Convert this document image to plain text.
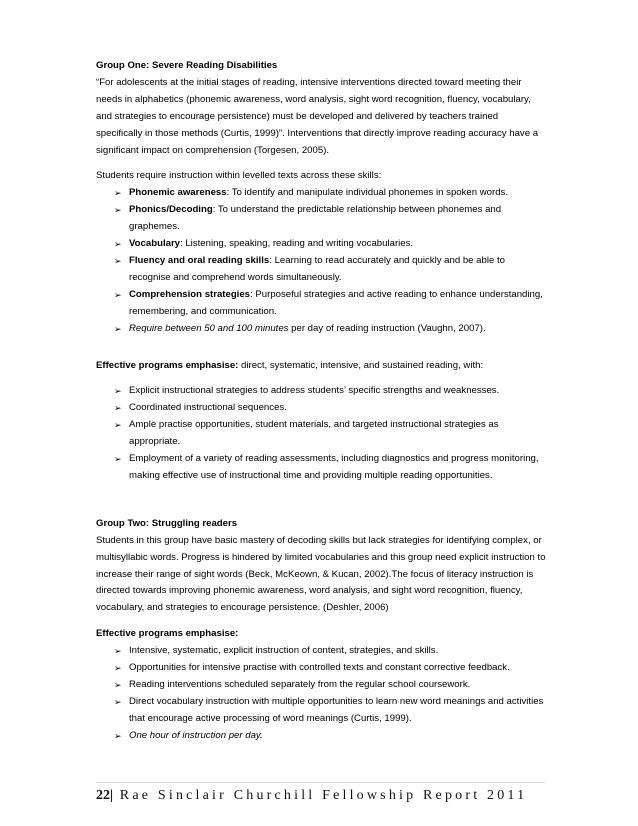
Group One: Severe Reading Disabilities

“For adolescents at the initial stages of reading, intensive interventions directed toward meeting their needs in alphabetics (phonemic awareness, word analysis, sight word recognition, fluency, vocabulary, and strategies to encourage persistence) must be developed and delivered by teachers trained specifically in those methods (Curtis, 1999)”. Interventions that directly improve reading accuracy have a significant impact on comprehension (Torgesen, 2005).

Students require instruction within levelled texts across these skills:

➢ Phonemic awareness: To identify and manipulate individual phonemes in spoken words.
➢ Phonics/Decoding: To understand the predictable relationship between phonemes and graphemes.
➢ Vocabulary: Listening, speaking, reading and writing vocabularies.
➢ Fluency and oral reading skills: Learning to read accurately and quickly and be able to recognise and comprehend words simultaneously.
➢ Comprehension strategies: Purposeful strategies and active reading to enhance understanding, remembering, and communication.
➢ Require between 50 and 100 minutes per day of reading instruction (Vaughn, 2007).

Effective programs emphasise: direct, systematic, intensive, and sustained reading, with:

➢ Explicit instructional strategies to address students’ specific strengths and weaknesses.
➢ Coordinated instructional sequences.
➢ Ample practise opportunities, student materials, and targeted instructional strategies as appropriate.
➢ Employment of a variety of reading assessments, including diagnostics and progress monitoring, making effective use of instructional time and providing multiple reading opportunities.

Group Two: Struggling readers

Students in this group have basic mastery of decoding skills but lack strategies for identifying complex, or multisyllabic words. Progress is hindered by limited vocabularies and this group need explicit instruction to increase their range of sight words (Beck, McKeown, & Kucan, 2002).The focus of literacy instruction is directed towards improving phonemic awareness, word analysis, and sight word recognition, fluency, vocabulary, and strategies to encourage persistence. (Deshler, 2006)

Effective programs emphasise:

➢ Intensive, systematic, explicit instruction of content, strategies, and skills.
➢ Opportunities for intensive practise with controlled texts and constant corrective feedback.
➢ Reading interventions scheduled separately from the regular school coursework.
➢ Direct vocabulary instruction with multiple opportunities to learn new word meanings and activities that encourage active processing of word meanings (Curtis, 1999).
➢ One hour of instruction per day.
22| Rae Sinclair Churchill Fellowship Report 2011
